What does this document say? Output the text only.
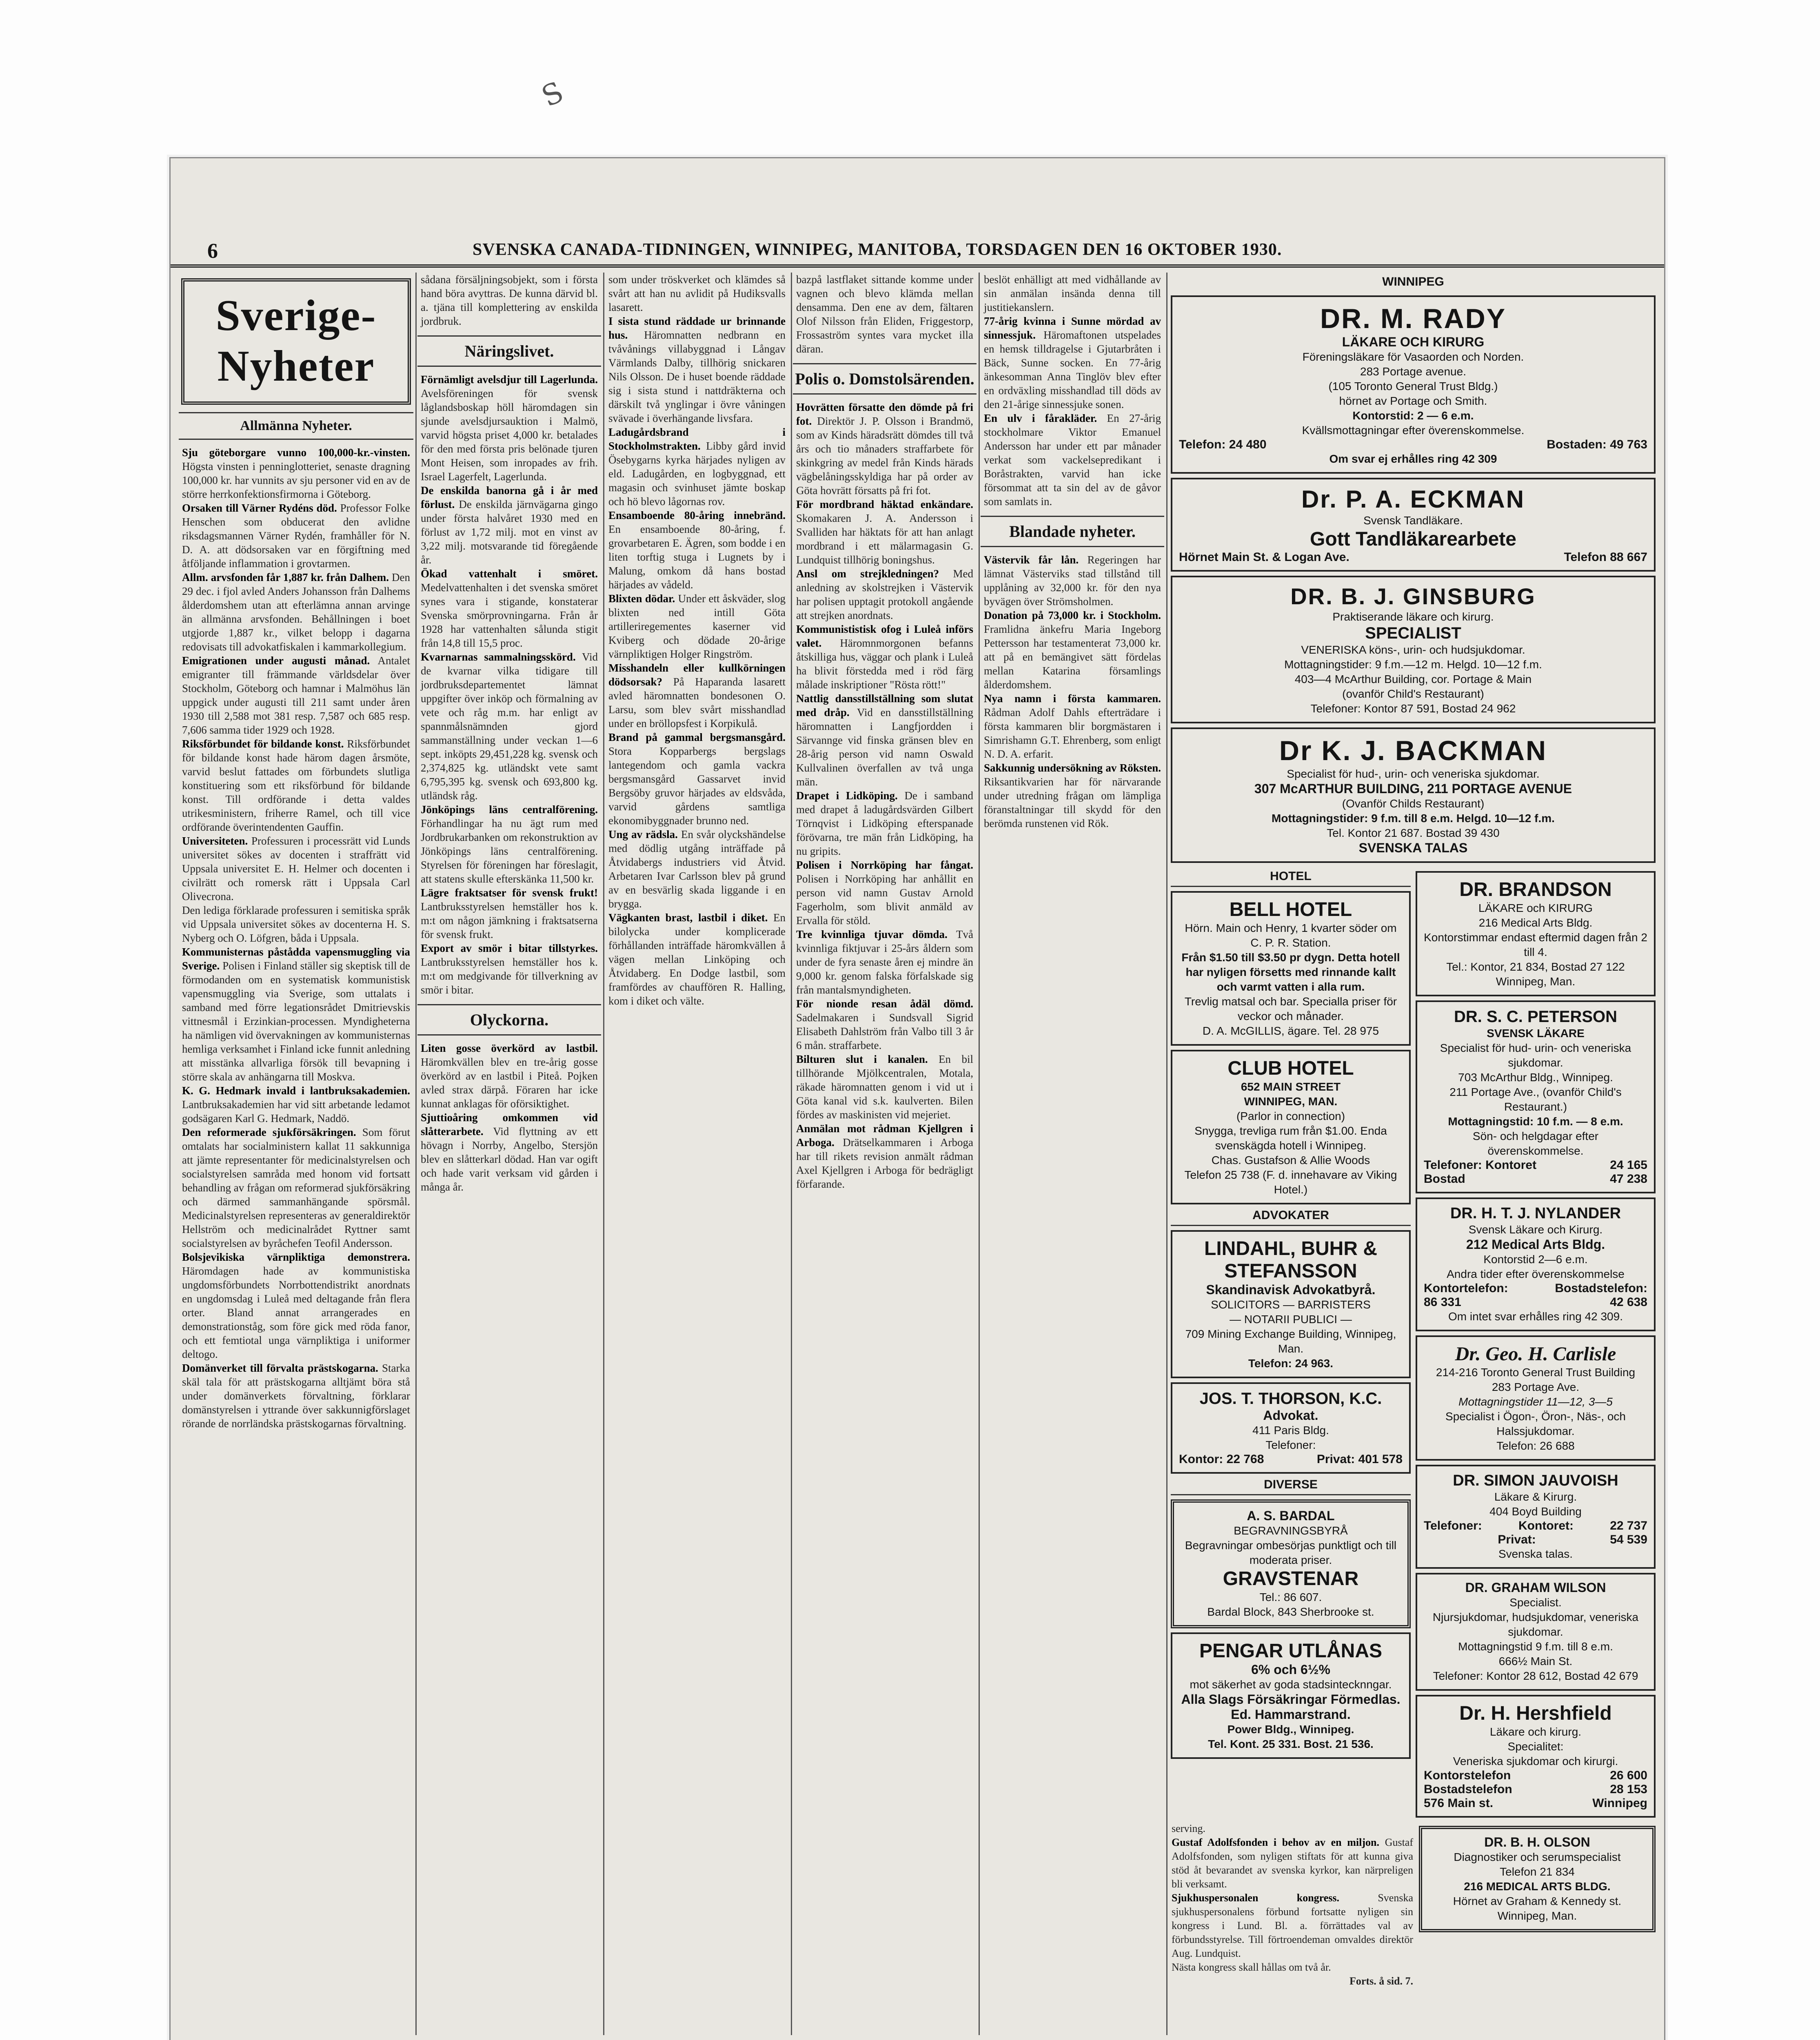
S
6	SVENSKA CANADA-TIDNINGEN, WINNIPEG, MANITOBA, TORSDAGEN DEN 16 OKTOBER 1930.
Sverige-Nyheter
Allmänna Nyheter.
Sju göteborgare vunno 100,000-kr.-vinsten. Högsta vinsten i penninglotteriet, senaste dragning 100,000 kr. har vunnits av sju personer vid en av de större herrkonfektionsfirmorna i Göteborg.
Orsaken till Värner Rydéns död. Professor Folke Henschen som obducerat den avlidne riksdagsmannen Värner Rydén, framhåller för N. D. A. att dödsorsaken var en förgiftning med åtföljande inflammation i grovtarmen.
Allm. arvsfonden får 1,887 kr. från Dalhem. Den 29 dec. i fjol avled Anders Johansson från Dalhems ålderdomshem utan att efterlämna annan arvinge än allmänna arvsfonden. Behållningen i boet utgjorde 1,887 kr., vilket belopp i dagarna redovisats till advokatfiskalen i kammarkollegium.
Emigrationen under augusti månad. Antalet emigranter till främmande världsdelar över Stockholm, Göteborg och hamnar i Malmöhus län uppgick under augusti till 211 samt under åren 1930 till 2,588 mot 381 resp. 7,587 och 685 resp. 7,606 samma tider 1929 och 1928.
Riksförbundet för bildande konst. Riksförbundet för bildande konst hade härom dagen årsmöte, varvid beslut fattades om förbundets slutliga konstituering som ett riksförbund för bildande konst. Till ordförande i detta valdes utrikesministern, friherre Ramel, och till vice ordförande överintendenten Gauffin.
Universiteten. Professuren i processrätt vid Lunds universitet sökes av docenten i straffrätt vid Uppsala universitet E. H. Helmer och docenten i civilrätt och romersk rätt i Uppsala Carl Olivecrona.
Den lediga förklarade professuren i semitiska språk vid Uppsala universitet sökes av docenterna H. S. Nyberg och O. Löfgren, båda i Uppsala.
Kommunisternas påstådda vapensmuggling via Sverige. Polisen i Finland ställer sig skeptisk till de förmodanden om en systematisk kommunistisk vapensmuggling via Sverige, som uttalats i samband med förre legationsrådet Dmitrievskis vittnesmål i Erzinkian-processen. Myndigheterna ha nämligen vid övervakningen av kommunisternas hemliga verksamhet i Finland icke funnit anledning att misstänka allvarliga försök till bevapning i större skala av anhängarna till Moskva.
K. G. Hedmark invald i lantbruksakademien. Lantbruksakademien har vid sitt arbetande ledamot godsägaren Karl G. Hedmark, Naddö.
Den reformerade sjukförsäkringen. Som förut omtalats har socialministern kallat 11 sakkunniga att jämte representanter för medicinalstyrelsen och socialstyrelsen samråda med honom vid fortsatt behandling av frågan om reformerad sjukförsäkring och därmed sammanhängande spörsmål. Medicinalstyrelsen representeras av generaldirektör Hellström och medicinalrådet Ryttner samt socialstyrelsen av byråchefen Teofil Andersson.
Bolsjevikiska värnpliktiga demonstrera. Häromdagen hade av kommunistiska ungdomsförbundets Norrbottendistrikt anordnats en ungdomsdag i Luleå med deltagande från flera orter. Bland annat arrangerades en demonstrationståg, som före gick med röda fanor, och ett femtiotal unga värnpliktiga i uniformer deltogo.
Domänverket till förvalta prästskogarna. Starka skäl tala för att prästskogarna alltjämt böra stå under domänverkets förvaltning, förklarar domänstyrelsen i yttrande över sakkunnigförslaget rörande de norrländska prästskogarnas förvaltning.
sådana försäljningsobjekt, som i första hand böra avyttras. De kunna därvid bl. a. tjäna till komplettering av enskilda jordbruk.
Näringslivet.
Förnämligt avelsdjur till Lagerlunda. Avelsföreningen för svensk låglandsboskap höll häromdagen sin sjunde avelsdjursauktion i Malmö, varvid högsta priset 4,000 kr. betalades för den med första pris belönade tjuren Mont Heisen, som inropades av frih. Israel Lagerfelt, Lagerlunda.
De enskilda banorna gå i år med förlust. De enskilda järnvägarna gingo under första halvåret 1930 med en förlust av 1,72 milj. mot en vinst av 3,22 milj. motsvarande tid föregående år.
Ökad vattenhalt i smöret. Medelvattenhalten i det svenska smöret synes vara i stigande, konstaterar Svenska smörprovningarna. Från år 1928 har vattenhalten sålunda stigit från 14,8 till 15,5 proc.
Kvarnarnas sammalningsskörd. Vid de kvarnar vilka tidigare till jordbruksdepartementet lämnat uppgifter över inköp och förmalning av vete och råg m.m. har enligt av spannmålsnämnden gjord sammanställning under veckan 1—6 sept. inköpts 29,451,228 kg. svensk och 2,374,825 kg. utländskt vete samt 6,795,395 kg. svensk och 693,800 kg. utländsk råg.
Jönköpings läns centralförening. Förhandlingar ha nu ägt rum med Jordbrukarbanken om rekonstruktion av Jönköpings läns centralförening. Styrelsen för föreningen har föreslagit, att statens skulle efterskänka 11,500 kr.
Lägre fraktsatser för svensk frukt! Lantbruksstyrelsen hemställer hos k. m:t om någon jämkning i fraktsatserna för svensk frukt.
Export av smör i bitar tillstyrkes. Lantbruksstyrelsen hemställer hos k. m:t om medgivande för tillverkning av smör i bitar.
Olyckorna.
Liten gosse överkörd av lastbil. Häromkvällen blev en tre-årig gosse överkörd av en lastbil i Piteå. Pojken avled strax därpå. Föraren har icke kunnat anklagas för oförsiktighet.
Sjuttioåring omkommen vid slåtterarbete. Vid flyttning av ett hövagn i Norrby, Angelbo, Stersjön blev en slåtterkarl dödad. Han var ogift och hade varit verksam vid gården i många år.
som under tröskverket och klämdes så svårt att han nu avlidit på Hudiksvalls lasarett.
I sista stund räddade ur brinnande hus. Häromnatten nedbrann en tvåvånings villabyggnad i Långav Värmlands Dalby, tillhörig snickaren Nils Olsson. De i huset boende räddade sig i sista stund i nattdräkterna och därskilt två ynglingar i övre våningen svävade i överhängande livsfara.
Ladugårdsbrand i Stockholmstrakten. Libby gård invid Ösebygarns kyrka härjades nyligen av eld. Ladugården, en logbyggnad, ett magasin och svinhuset jämte boskap och hö blevo lågornas rov.
Ensamboende 80-åring innebränd. En ensamboende 80-åring, f. grovarbetaren E. Ägren, som bodde i en liten torftig stuga i Lugnets by i Malung, omkom då hans bostad härjades av vådeld.
Blixten dödar. Under ett åskväder, slog blixten ned intill Göta artilleriregementes kaserner vid Kviberg och dödade 20-årige värnpliktigen Holger Ringström.
Misshandeln eller kullkörningen dödsorsak? På Haparanda lasarett avled häromnatten bondesonen O. Larsu, som blev svårt misshandlad under en bröllopsfest i Korpikulå.
Brand på gammal bergsmansgård. Stora Kopparbergs bergslags lantegendom och gamla vackra bergsmansgård Gassarvet invid Bergsöby gruvor härjades av eldsvåda, varvid gårdens samtliga ekonomibyggnader brunno ned.
Ung av rädsla. En svår olyckshändelse med dödlig utgång inträffade på Åtvidabergs industriers vid Åtvid. Arbetaren Ivar Carlsson blev på grund av en besvärlig skada liggande i en brygga.
Vägkanten brast, lastbil i diket. En bilolycka under komplicerade förhållanden inträffade häromkvällen å vägen mellan Linköping och Åtvidaberg. En Dodge lastbil, som framfördes av chauffören R. Halling, kom i diket och välte.
bazpå lastflaket sittande komme under vagnen och blevo klämda mellan densamma. Den ene av dem, fältaren Olof Nilsson från Eliden, Friggestorp, Frossaström syntes vara mycket illa däran.
Polis o. Domstolsärenden.
Hovrätten försatte den dömde på fri fot. Direktör J. P. Olsson i Brandmö, som av Kinds häradsrätt dömdes till två års och tio månaders straffarbete för skinkgring av medel från Kinds härads vägbelåningsskyldiga har på order av Göta hovrätt försatts på fri fot.
För mordbrand häktad enkändare. Skomakaren J. A. Andersson i Svalliden har häktats för att han anlagt mordbrand i ett mälarmagasin G. Lundquist tillhörig boningshus.
Ansl om strejkledningen? Med anledning av skolstrejken i Västervik har polisen upptagit protokoll angående att strejken anordnats.
Kommunististisk ofog i Luleå införs valet. Häromnmorgonen befanns åtskilliga hus, väggar och plank i Luleå ha blivit förstedda med i röd färg målade inskriptioner "Rösta rött!"
Nattlig dansstillställning som slutat med dråp. Vid en dansstillställning häromnatten i Langfjordden i Särvannge vid finska gränsen blev en 28-årig person vid namn Oswald Kullvalinen överfallen av två unga män.
Drapet i Lidköping. De i samband med drapet å ladugårdsvärden Gilbert Törnqvist i Lidköping efterspanade förövarna, tre män från Lidköping, ha nu gripits.
Polisen i Norrköping har fångat. Polisen i Norrköping har anhållit en person vid namn Gustav Arnold Fagerholm, som blivit anmäld av Ervalla för stöld.
Tre kvinnliga tjuvar dömda. Två kvinnliga fiktjuvar i 25-års åldern som under de fyra senaste åren ej mindre än 9,000 kr. genom falska förfalskade sig från mantalsmyndigheten.
För nionde resan ådäl dömd. Sadelmakaren i Sundsvall Sigrid Elisabeth Dahlström från Valbo till 3 år 6 mån. straffarbete.
Bilturen slut i kanalen. En bil tillhörande Mjölkcentralen, Motala, räkade häromnatten genom i vid ut i Göta kanal vid s.k. kaulverten. Bilen fördes av maskinisten vid mejeriet.
Anmälan mot rådman Kjellgren i Arboga. Drätselkammaren i Arboga har till rikets revision anmält rådman Axel Kjellgren i Arboga för bedrägligt förfarande.
beslöt enhälligt att med vidhållande av sin anmälan insända denna till justitiekanslern.
77-årig kvinna i Sunne mördad av sinnessjuk. Häromaftonen utspelades en hemsk tilldragelse i Gjutarbråten i Bäck, Sunne socken. En 77-årig änkesomman Anna Tinglöv blev efter en ordväxling misshandlad till döds av den 21-årige sinnessjuke sonen.
En ulv i fårakläder. En 27-årig stockholmare Viktor Emanuel Andersson har under ett par månader verkat som vackelsepredikant i Boråstrakten, varvid han icke försommat att ta sin del av de gåvor som samlats in.
Blandade nyheter.
Västervik får lån. Regeringen har lämnat Västerviks stad tillstånd till upplåning av 32,000 kr. för den nya byvägen över Strömsholmen.
Donation på 73,000 kr. i Stockholm. Framlidna änkefru Maria Ingeborg Pettersson har testamenterat 73,000 kr. att på en bemängivet sätt fördelas mellan Katarina församlings ålderdomshem.
Nya namn i första kammaren. Rådman Adolf Dahls efterträdare i första kammaren blir borgmästaren i Simrishamn G.T. Ehrenberg, som enligt N. D. A. erfarit.
Sakkunnig undersökning av Röksten. Riksantikvarien har för närvarande under utredning frågan om lämpliga föranstaltningar till skydd för den berömda runstenen vid Rök.
WINNIPEG
DR. M. RADY
LÄKARE OCH KIRURG
Föreningsläkare för Vasaorden och Norden.
283 Portage avenue.
(105 Toronto General Trust Bldg.)
hörnet av Portage och Smith.
Kontorstid: 2 — 6 e.m.
Kvällsmottagningar efter överenskommelse.
Telefon: 24 480	Bostaden: 49 763
Om svar ej erhålles ring 42 309
Dr. P. A. ECKMAN
Svensk Tandläkare.
Gott Tandläkarearbete
Hörnet Main St. & Logan Ave.	Telefon 88 667
DR. B. J. GINSBURG
Praktiserande läkare och kirurg.
SPECIALIST
VENERISKA köns-, urin- och hudsjukdomar.
Mottagningstider: 9 f.m.—12 m. Helgd. 10—12 f.m.
403—4 McArthur Building, cor. Portage & Main
(ovanför Child's Restaurant)
Telefoner: Kontor 87 591, Bostad 24 962
Dr K. J. BACKMAN
Specialist för hud-, urin- och veneriska sjukdomar.
307 McARTHUR BUILDING, 211 PORTAGE AVENUE
(Ovanför Childs Restaurant)
Mottagningstider: 9 f.m. till 8 e.m. Helgd. 10—12 f.m.
Tel. Kontor 21 687. Bostad 39 430
SVENSKA TALAS
HOTEL
BELL HOTEL
Hörn. Main och Henry, 1 kvarter söder om C. P. R. Station.
Från $1.50 till $3.50 pr dygn. Detta hotell har nyligen försetts med rinnande kallt och varmt vatten i alla rum.
Trevlig matsal och bar. Specialla priser för veckor och månader.
D. A. McGILLIS, ägare. Tel. 28 975
CLUB HOTEL
652 MAIN STREET
WINNIPEG, MAN.
(Parlor in connection)
Snygga, trevliga rum från $1.00. Enda svenskägda hotell i Winnipeg.
Chas. Gustafson & Allie Woods
Telefon 25 738 (F. d. innehavare av Viking Hotel.)
ADVOKATER
LINDAHL, BUHR & STEFANSSON
Skandinavisk Advokatbyrå.
SOLICITORS — BARRISTERS
— NOTARII PUBLICI —
709 Mining Exchange Building, Winnipeg, Man.
Telefon: 24 963.
JOS. T. THORSON, K.C.
Advokat.
411 Paris Bldg.
Telefoner:
Kontor: 22 768	Privat: 401 578
DIVERSE
A. S. BARDAL
BEGRAVNINGSBYRÅ
Begravningar ombesörjas punktligt och till moderata priser.
GRAVSTENAR
Tel.: 86 607.
Bardal Block, 843 Sherbrooke st.
PENGAR UTLÅNAS
6% och 6½%
mot säkerhet av goda stadsintecknngar.
Alla Slags Försäkringar Förmedlas.
Ed. Hammarstrand.
Power Bldg., Winnipeg.
Tel. Kont. 25 331. Bost. 21 536.
DR. BRANDSON
LÄKARE och KIRURG
216 Medical Arts Bldg.
Kontorstimmar endast eftermid dagen från 2 till 4.
Tel.: Kontor, 21 834, Bostad 27 122
Winnipeg, Man.
DR. S. C. PETERSON
SVENSK LÄKARE
Specialist för hud- urin- och veneriska sjukdomar.
703 McArthur Bldg., Winnipeg.
211 Portage Ave., (ovanför Child's Restaurant.)
Mottagningstid: 10 f.m. — 8 e.m.
Sön- och helgdagar efter överenskommelse.
Telefoner: Kontoret	24 165
Bostad	47 238
DR. H. T. J. NYLANDER
Svensk Läkare och Kirurg.
212 Medical Arts Bldg.
Kontorstid 2—6 e.m.
Andra tider efter överenskommelse
Kontortelefon:	Bostadstelefon:
86 331	42 638
Om intet svar erhålles ring 42 309.
Dr. Geo. H. Carlisle
214-216 Toronto General Trust Building
283 Portage Ave.
Mottagningstider 11—12, 3—5
Specialist i Ögon-, Öron-, Näs-, och Halssjukdomar.
Telefon: 26 688
DR. SIMON JAUVOISH
Läkare & Kirurg.
404 Boyd Building
Telefoner:	Kontoret:	22 737
Privat:	54 539
Svenska talas.
DR. GRAHAM WILSON
Specialist.
Njursjukdomar, hudsjukdomar, veneriska sjukdomar.
Mottagningstid 9 f.m. till 8 e.m.
666½ Main St.
Telefoner: Kontor 28 612, Bostad 42 679
Dr. H. Hershfield
Läkare och kirurg.
Specialitet:
Veneriska sjukdomar och kirurgi.
Kontorstelefon	26 600
Bostadstelefon	28 153
576 Main st.	Winnipeg
serving.
Gustaf Adolfsfonden i behov av en miljon. Gustaf Adolfsfonden, som nyligen stiftats för att kunna giva stöd åt bevarandet av svenska kyrkor, kan närpreligen bli verksamt.
Sjukhuspersonalen kongress.	Svenska sjukhuspersonalens förbund fortsatte nyligen sin kongress i Lund. Bl. a. förrättades val av förbundsstyrelse. Till förtroendeman omvaldes direktör Aug. Lundquist.
Nästa kongress skall hållas om två år.
Forts. å sid. 7.
DR. B. H. OLSON
Diagnostiker och serumspecialist
Telefon 21 834
216 MEDICAL ARTS BLDG.
Hörnet av Graham & Kennedy st.
Winnipeg, Man.
